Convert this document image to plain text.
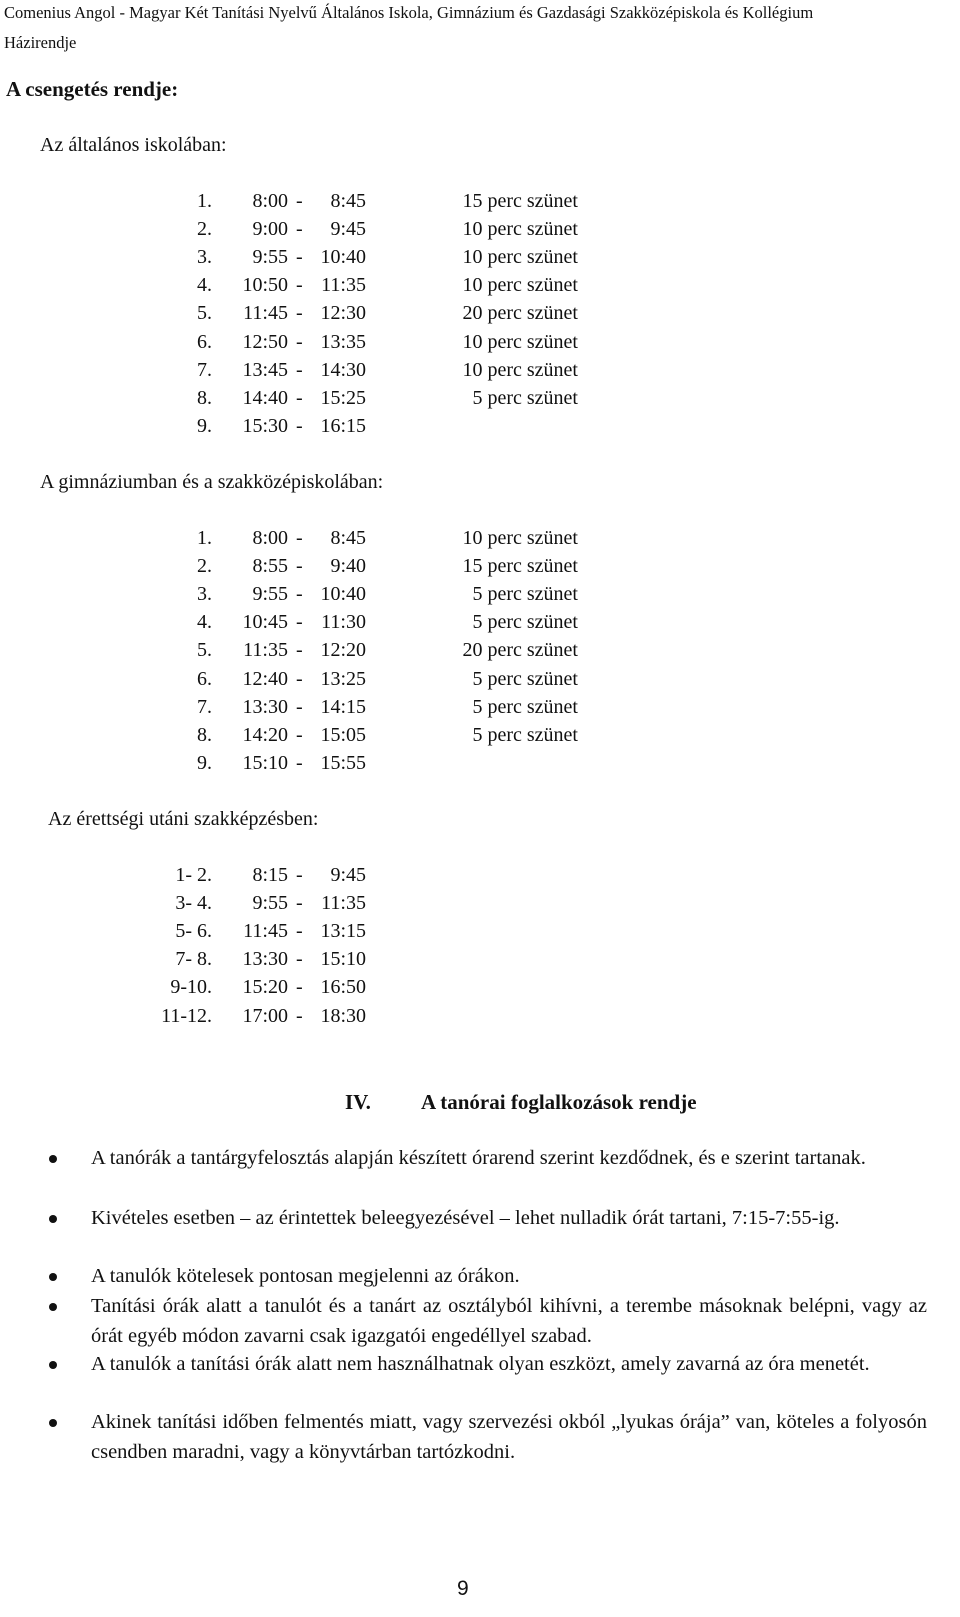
Comenius Angol - Magyar Két Tanítási Nyelvű Általános Iskola, Gimnázium és Gazdasági Szakközépiskola és Kollégium
Házirendje
A csengetés rendje:
Az általános iskolában:
1. 8:00 - 8:45	15 perc szünet
2. 9:00 - 9:45	10 perc szünet
3. 9:55 - 10:40	10 perc szünet
4. 10:50 - 11:35	10 perc szünet
5. 11:45 - 12:30	20 perc szünet
6. 12:50 - 13:35	10 perc szünet
7. 13:45 - 14:30	10 perc szünet
8. 14:40 - 15:25	5 perc szünet
9. 15:30 - 16:15
A gimnáziumban és a szakközépiskolában:
1. 8:00 - 8:45	10 perc szünet
2. 8:55 - 9:40	15 perc szünet
3. 9:55 - 10:40	5 perc szünet
4. 10:45 - 11:30	5 perc szünet
5. 11:35 - 12:20	20 perc szünet
6. 12:40 - 13:25	5 perc szünet
7. 13:30 - 14:15	5 perc szünet
8. 14:20 - 15:05	5 perc szünet
9. 15:10 - 15:55
Az érettségi utáni szakképzésben:
1- 2. 8:15 - 9:45
3- 4. 9:55 - 11:35
5- 6. 11:45 - 13:15
7- 8. 13:30 - 15:10
9-10. 15:20 - 16:50
11-12. 17:00 - 18:30
IV. A tanórai foglalkozások rendje
A tanórák a tantárgyfelosztás alapján készített órarend szerint kezdődnek, és e szerint tartanak.
Kivételes esetben – az érintettek beleegyezésével – lehet nulladik órát tartani, 7:15-7:55-ig.
A tanulók kötelesek pontosan megjelenni az órákon.
Tanítási órák alatt a tanulót és a tanárt az osztályból kihívni, a terembe másoknak belépni, vagy az órát egyéb módon zavarni csak igazgatói engedéllyel szabad.
A tanulók a tanítási órák alatt nem használhatnak olyan eszközt, amely zavarná az óra menetét.
Akinek tanítási időben felmentés miatt, vagy szervezési okból „lyukas órája” van, köteles a folyosón csendben maradni, vagy a könyvtárban tartózkodni.
9
